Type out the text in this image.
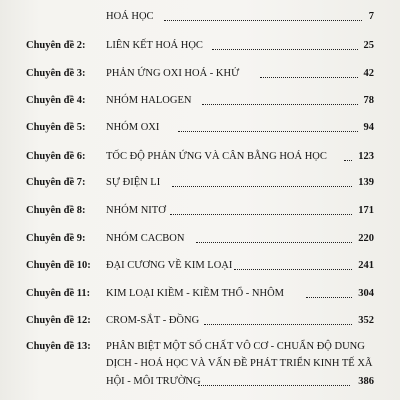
HOÁ HỌC	7
Chuyên đề 2: LIÊN KẾT HOÁ HỌC	25
Chuyên đề 3: PHẢN ỨNG OXI HOÁ - KHỬ	42
Chuyên đề 4: NHÓM HALOGEN	78
Chuyên đề 5: NHÓM OXI	94
Chuyên đề 6: TỐC ĐỘ PHẢN ỨNG VÀ CÂN BẰNG HOÁ HỌC	123
Chuyên đề 7: SỰ ĐIỆN LI	139
Chuyên đề 8: NHÓM NITƠ	171
Chuyên đề 9: NHÓM CACBON	220
Chuyên đề 10: ĐẠI CƯƠNG VỀ KIM LOẠI	241
Chuyên đề 11: KIM LOẠI KIỀM - KIỀM THỔ - NHÔM	304
Chuyên đề 12: CROM-SẮT - ĐỒNG	352
Chuyên đề 13: PHÂN BIỆT MỘT SỐ CHẤT VÔ CƠ - CHUẨN ĐỘ DUNG
DỊCH - HOÁ HỌC VÀ VẤN ĐỀ PHÁT TRIỂN KINH TẾ XÃ
HỘI - MÔI TRƯỜNG	386
